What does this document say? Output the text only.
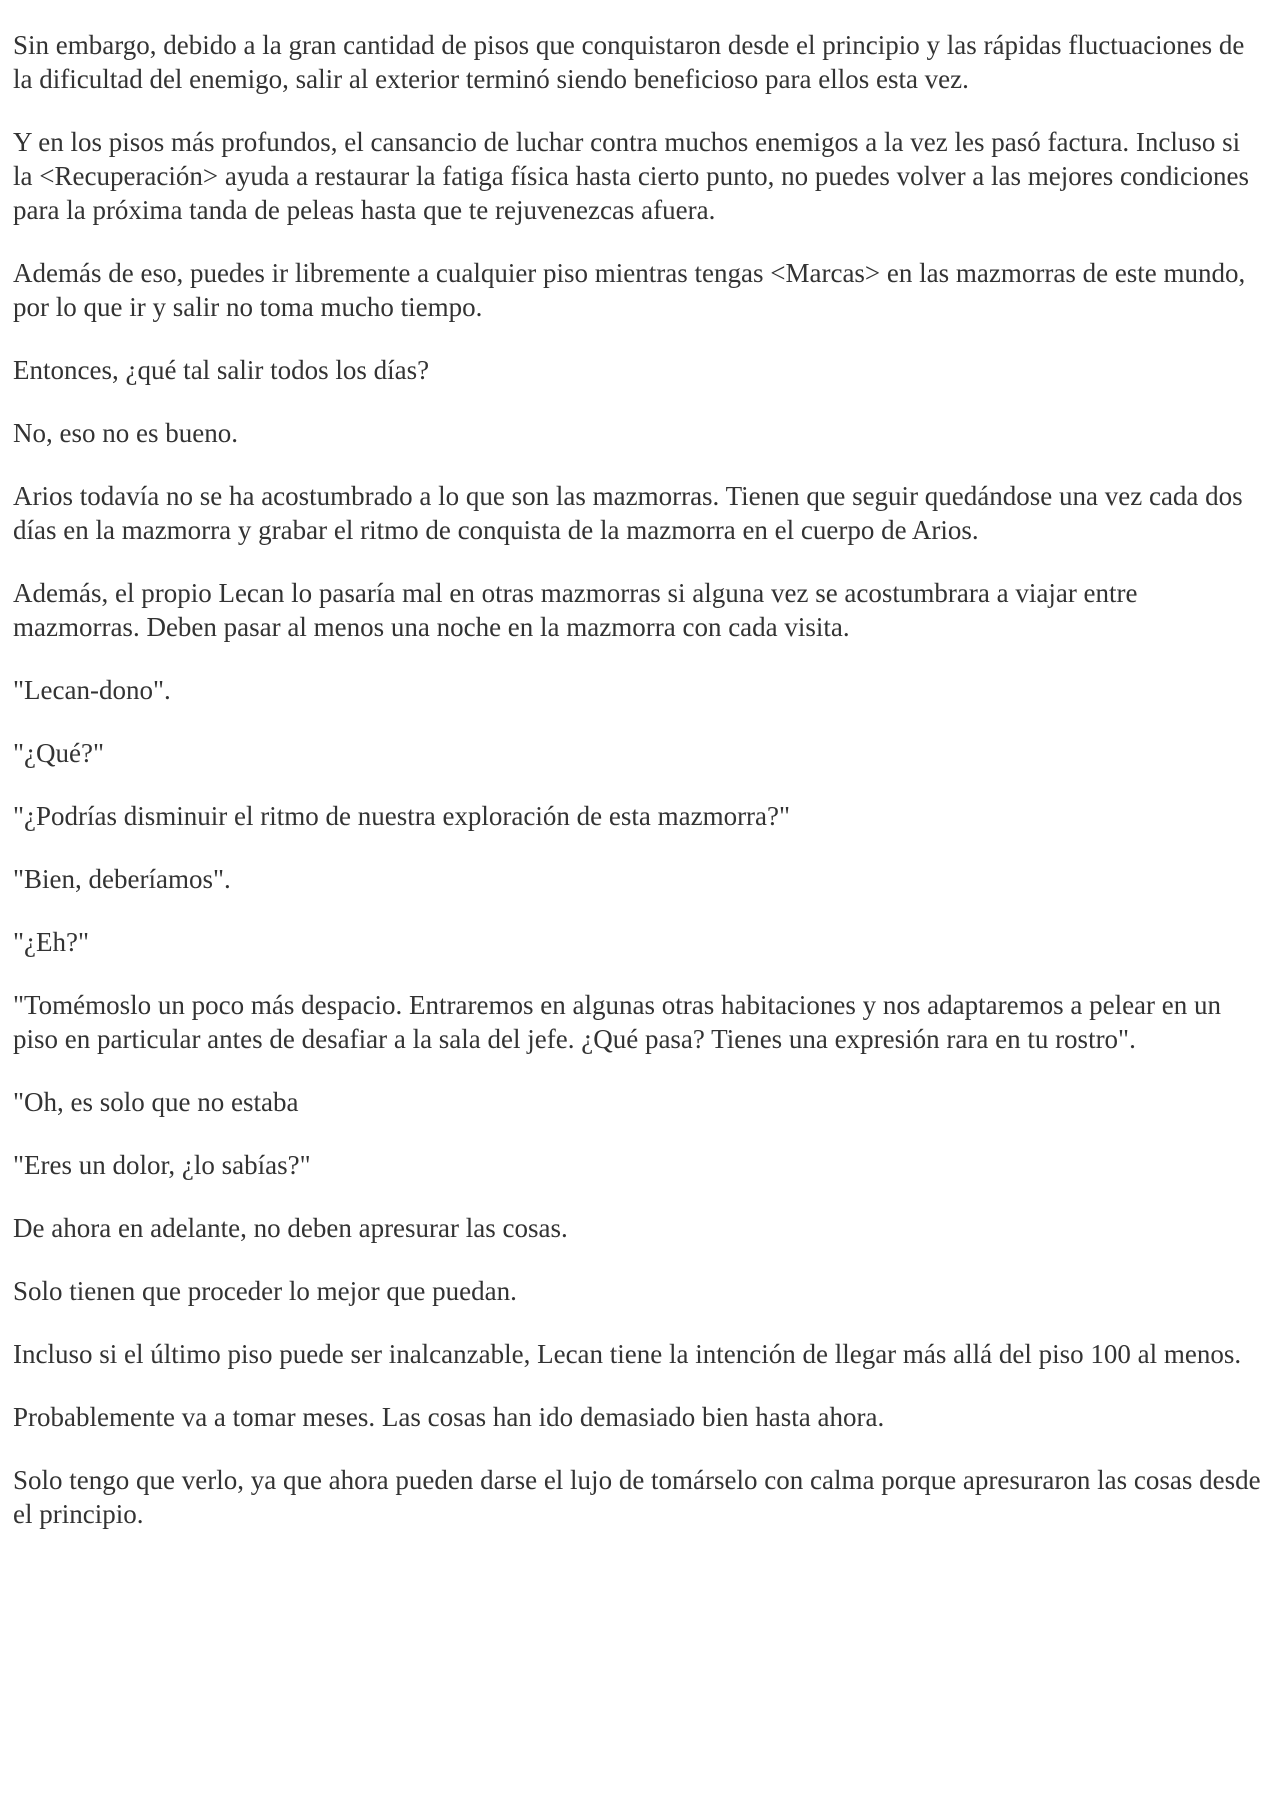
Sin embargo, debido a la gran cantidad de pisos que conquistaron desde el principio y las rápidas fluctuaciones de la dificultad del enemigo, salir al exterior terminó siendo beneficioso para ellos esta vez.

Y en los pisos más profundos, el cansancio de luchar contra muchos enemigos a la vez les pasó factura. Incluso si la <Recuperación> ayuda a restaurar la fatiga física hasta cierto punto, no puedes volver a las mejores condiciones para la próxima tanda de peleas hasta que te rejuvenezcas afuera.

Además de eso, puedes ir libremente a cualquier piso mientras tengas <Marcas> en las mazmorras de este mundo, por lo que ir y salir no toma mucho tiempo.

Entonces, ¿qué tal salir todos los días?

No, eso no es bueno.

Arios todavía no se ha acostumbrado a lo que son las mazmorras. Tienen que seguir quedándose una vez cada dos días en la mazmorra y grabar el ritmo de conquista de la mazmorra en el cuerpo de Arios.

Además, el propio Lecan lo pasaría mal en otras mazmorras si alguna vez se acostumbrara a viajar entre mazmorras. Deben pasar al menos una noche en la mazmorra con cada visita.

"Lecan-dono".

"¿Qué?"

"¿Podrías disminuir el ritmo de nuestra exploración de esta mazmorra?"

"Bien, deberíamos".

"¿Eh?"

"Tomémoslo un poco más despacio. Entraremos en algunas otras habitaciones y nos adaptaremos a pelear en un piso en particular antes de desafiar a la sala del jefe. ¿Qué pasa? Tienes una expresión rara en tu rostro".

"Oh, es solo que no estaba

"Eres un dolor, ¿lo sabías?"

De ahora en adelante, no deben apresurar las cosas.

Solo tienen que proceder lo mejor que puedan.

Incluso si el último piso puede ser inalcanzable, Lecan tiene la intención de llegar más allá del piso 100 al menos.

Probablemente va a tomar meses. Las cosas han ido demasiado bien hasta ahora.

Solo tengo que verlo, ya que ahora pueden darse el lujo de tomárselo con calma porque apresuraron las cosas desde el principio.
